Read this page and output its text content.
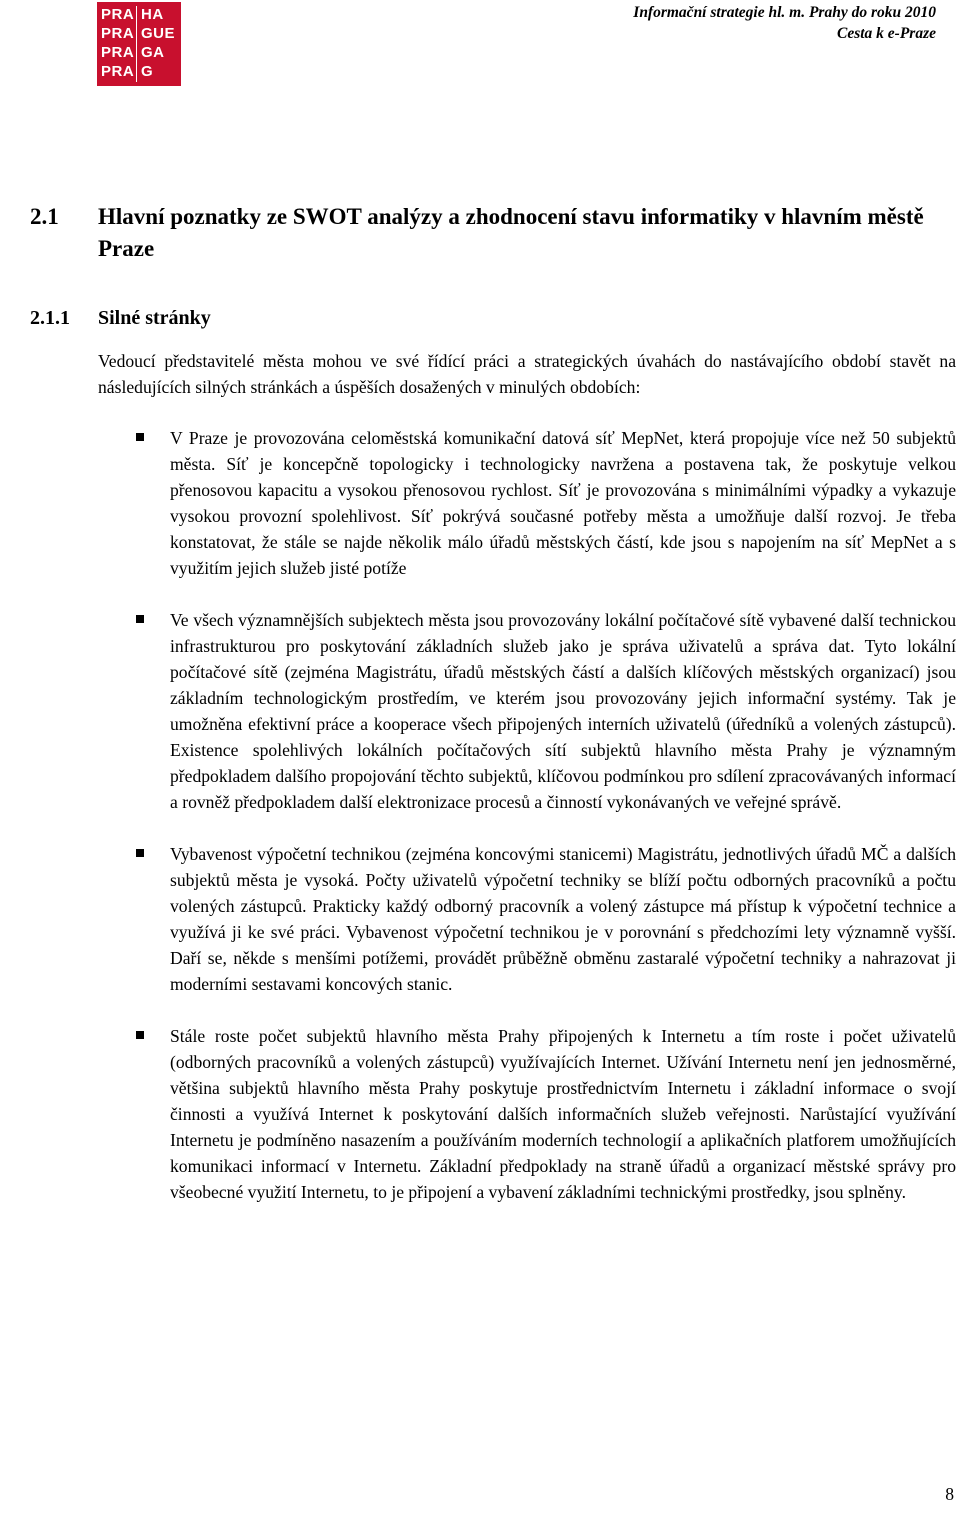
PRA HA
PRA GUE
PRA GA
PRA G
Informační strategie hl. m. Prahy do roku 2010
Cesta k e-Praze
2.1 Hlavní poznatky ze SWOT analýzy a zhodnocení stavu informatiky v hlavním městě Praze
2.1.1 Silné stránky

Vedoucí představitelé města mohou ve své řídící práci a strategických úvahách do nastávajícího období stavět na následujících silných stránkách a úspěších dosažených v minulých obdobích:

V Praze je provozována celoměstská komunikační datová síť MepNet, která propojuje více než 50 subjektů města. Síť je koncepčně topologicky i technologicky navržena a postavena tak, že poskytuje velkou přenosovou kapacitu a vysokou přenosovou rychlost. Síť je provozována s minimálními výpadky a vykazuje vysokou provozní spolehlivost. Síť pokrývá současné potřeby města a umožňuje další rozvoj. Je třeba konstatovat, že stále se najde několik málo úřadů městských částí, kde jsou s napojením na síť MepNet a s využitím jejich služeb jisté potíže
Ve všech významnějších subjektech města jsou provozovány lokální počítačové sítě vybavené další technickou infrastrukturou pro poskytování základních služeb jako je správa uživatelů a správa dat. Tyto lokální počítačové sítě (zejména Magistrátu, úřadů městských částí a dalších klíčových městských organizací) jsou základním technologickým prostředím, ve kterém jsou provozovány jejich informační systémy. Tak je umožněna efektivní práce a kooperace všech připojených interních uživatelů (úředníků a volených zástupců). Existence spolehlivých lokálních počítačových sítí subjektů hlavního města Prahy je významným předpokladem dalšího propojování těchto subjektů, klíčovou podmínkou pro sdílení zpracovávaných informací a rovněž předpokladem další elektronizace procesů a činností vykonávaných ve veřejné správě.
Vybavenost výpočetní technikou (zejména koncovými stanicemi) Magistrátu, jednotlivých úřadů MČ a dalších subjektů města je vysoká. Počty uživatelů výpočetní techniky se blíží počtu odborných pracovníků a počtu volených zástupců. Prakticky každý odborný pracovník a volený zástupce má přístup k výpočetní technice a využívá ji ke své práci. Vybavenost výpočetní technikou je v porovnání s předchozími lety významně vyšší. Daří se, někde s menšími potížemi, provádět průběžně obměnu zastaralé výpočetní techniky a nahrazovat ji moderními sestavami koncových stanic.
Stále roste počet subjektů hlavního města Prahy připojených k Internetu a tím roste i počet uživatelů (odborných pracovníků a volených zástupců) využívajících Internet. Užívání Internetu není jen jednosměrné, většina subjektů hlavního města Prahy poskytuje prostřednictvím Internetu i základní informace o svojí činnosti a využívá Internet k poskytování dalších informačních služeb veřejnosti. Narůstající využívání Internetu je podmíněno nasazením a používáním moderních technologií a aplikačních platforem umožňujících komunikaci informací v Internetu. Základní předpoklady na straně úřadů a organizací městské správy pro všeobecné využití Internetu, to je připojení a vybavení základními technickými prostředky, jsou splněny.
8
